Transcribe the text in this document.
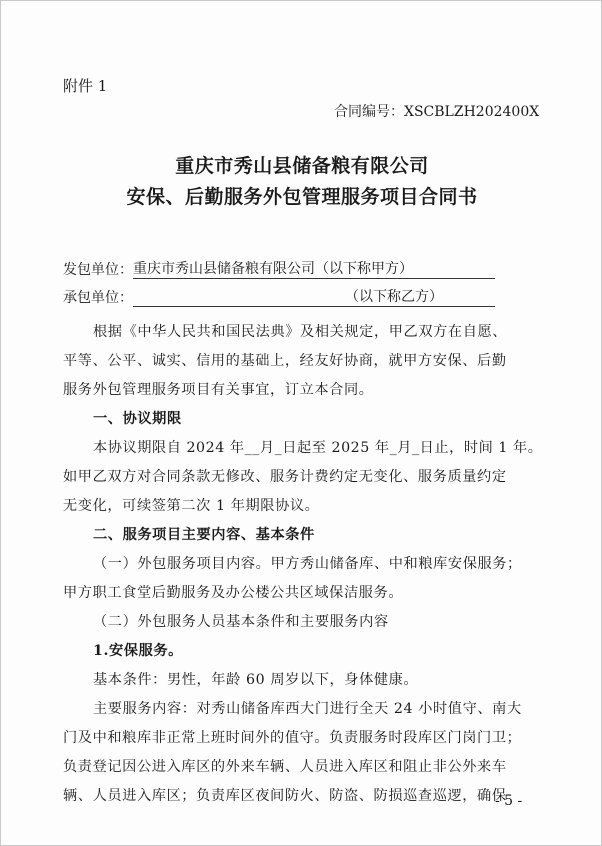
附件 1
合同编号：XSCBLZH202400X
重庆市秀山县储备粮有限公司
安保、后勤服务外包管理服务项目合同书
发包单位：重庆市秀山县储备粮有限公司（以下称甲方）
承包单位：	（以下称乙方）
根据《中华人民共和国民法典》及相关规定，甲乙双方在自愿、
平等、公平、诚实、信用的基础上，经友好协商，就甲方安保、后勤
服务外包管理服务项目有关事宜，订立本合同。
一、协议期限
本协议期限自 2024 年__月_日起至 2025 年_月_日止，时间 1 年。
如甲乙双方对合同条款无修改、服务计费约定无变化、服务质量约定
无变化，可续签第二次 1 年期限协议。
二、服务项目主要内容、基本条件
（一）外包服务项目内容。甲方秀山储备库、中和粮库安保服务；
甲方职工食堂后勤服务及办公楼公共区域保洁服务。
（二）外包服务人员基本条件和主要服务内容
1.安保服务。
基本条件：男性，年龄 60 周岁以下，身体健康。
主要服务内容：对秀山储备库西大门进行全天 24 小时值守、南大
门及中和粮库非正常上班时间外的值守。负责服务时段库区门岗门卫；
负责登记因公进入库区的外来车辆、人员进入库区和阻止非公外来车
辆、人员进入库区；负责库区夜间防火、防盗、防损巡查巡逻，确保
- 5 -
